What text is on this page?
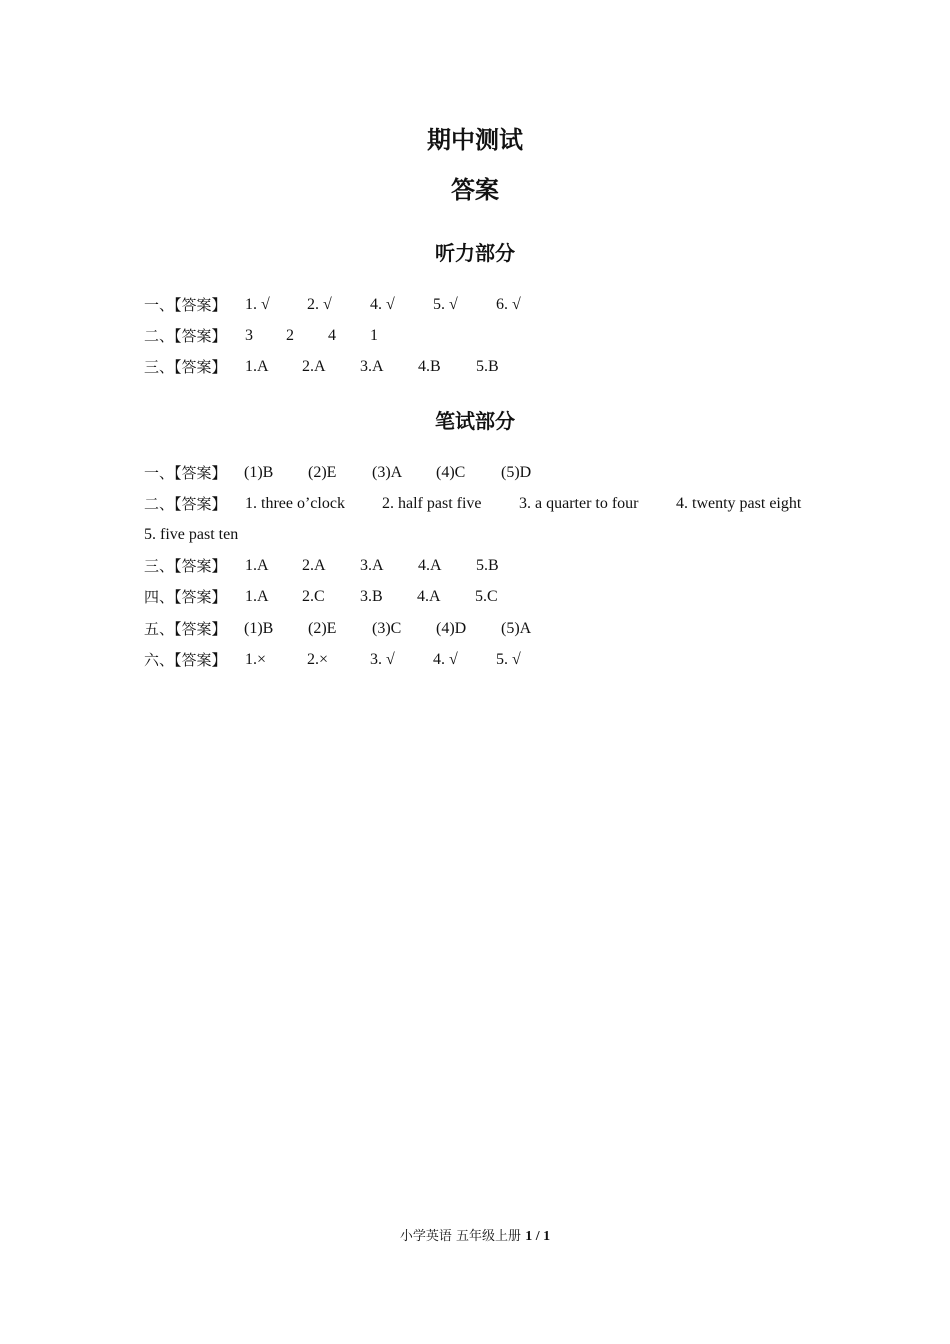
期中测试
答案
听力部分
一、【答案】 1. √ 2. √ 4. √ 5. √ 6. √
二、【答案】 3 2 4 1
三、【答案】 1.A 2.A 3.A 4.B 5.B
笔试部分
一、【答案】 (1)B (2)E (3)A (4)C (5)D
二、【答案】 1. three o’clock 2. half past five 3. a quarter to four 4. twenty past eight
5. five past ten
三、【答案】 1.A 2.A 3.A 4.A 5.B
四、【答案】 1.A 2.C 3.B 4.A 5.C
五、【答案】 (1)B (2)E (3)C (4)D (5)A
六、【答案】 1.×	2.×	3. √ 4. √ 5. √
小学英语 五年级上册 1 / 1
